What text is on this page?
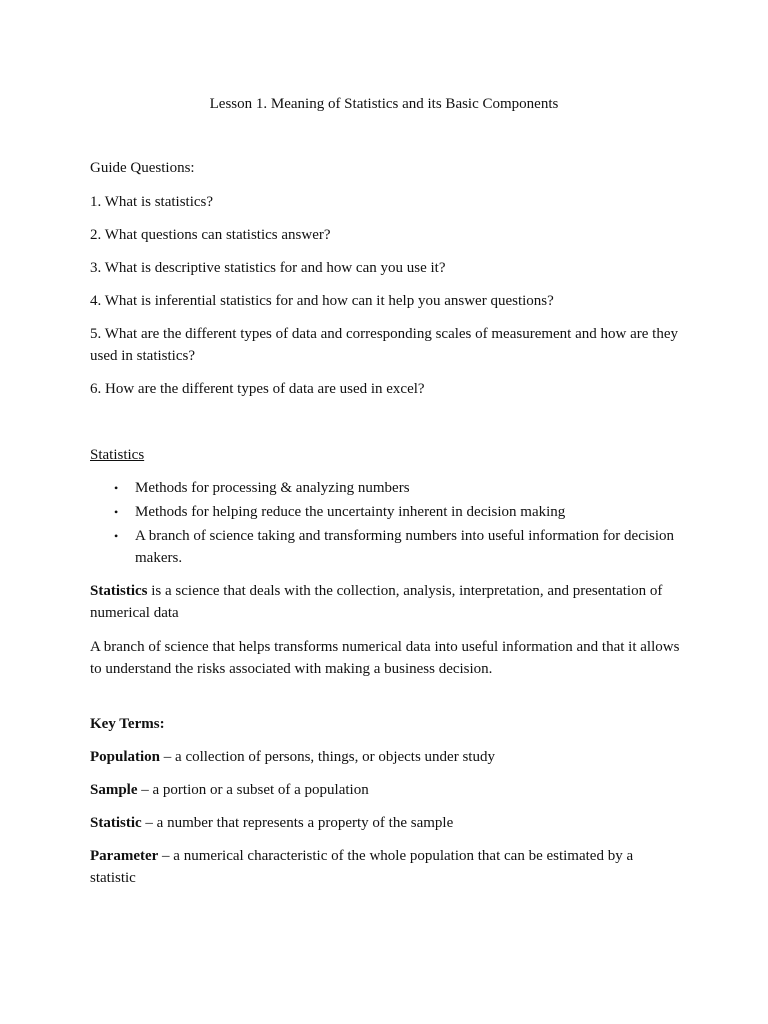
Lesson 1. Meaning of Statistics and its Basic Components

Guide Questions:

1. What is statistics?

2. What questions can statistics answer?

3. What is descriptive statistics for and how can you use it?

4. What is inferential statistics for and how can it help you answer questions?

5. What are the different types of data and corresponding scales of measurement and how are they used in statistics?

6. How are the different types of data are used in excel?

Statistics

• Methods for processing & analyzing numbers
• Methods for helping reduce the uncertainty inherent in decision making
• A branch of science taking and transforming numbers into useful information for decision makers.

Statistics is a science that deals with the collection, analysis, interpretation, and presentation of numerical data

A branch of science that helps transforms numerical data into useful information and that it allows to understand the risks associated with making a business decision.

Key Terms:

Population – a collection of persons, things, or objects under study

Sample – a portion or a subset of a population

Statistic – a number that represents a property of the sample

Parameter – a numerical characteristic of the whole population that can be estimated by a statistic
